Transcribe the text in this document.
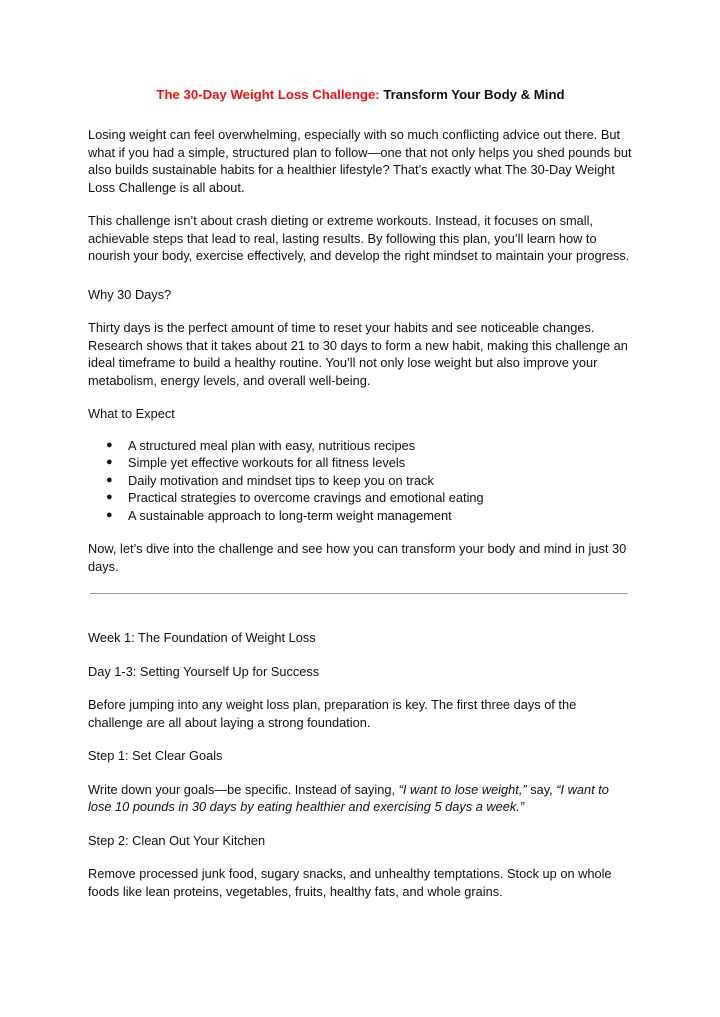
The 30-Day Weight Loss Challenge: Transform Your Body & Mind

Losing weight can feel overwhelming, especially with so much conflicting advice out there. But what if you had a simple, structured plan to follow—one that not only helps you shed pounds but also builds sustainable habits for a healthier lifestyle? That’s exactly what The 30-Day Weight Loss Challenge is all about.

This challenge isn’t about crash dieting or extreme workouts. Instead, it focuses on small, achievable steps that lead to real, lasting results. By following this plan, you’ll learn how to nourish your body, exercise effectively, and develop the right mindset to maintain your progress.

Why 30 Days?

Thirty days is the perfect amount of time to reset your habits and see noticeable changes. Research shows that it takes about 21 to 30 days to form a new habit, making this challenge an ideal timeframe to build a healthy routine. You’ll not only lose weight but also improve your metabolism, energy levels, and overall well-being.

What to Expect

● A structured meal plan with easy, nutritious recipes
● Simple yet effective workouts for all fitness levels
● Daily motivation and mindset tips to keep you on track
● Practical strategies to overcome cravings and emotional eating
● A sustainable approach to long-term weight management

Now, let’s dive into the challenge and see how you can transform your body and mind in just 30 days.

Week 1: The Foundation of Weight Loss

Day 1-3: Setting Yourself Up for Success

Before jumping into any weight loss plan, preparation is key. The first three days of the challenge are all about laying a strong foundation.

Step 1: Set Clear Goals

Write down your goals—be specific. Instead of saying, “I want to lose weight,” say, “I want to lose 10 pounds in 30 days by eating healthier and exercising 5 days a week.”

Step 2: Clean Out Your Kitchen

Remove processed junk food, sugary snacks, and unhealthy temptations. Stock up on whole foods like lean proteins, vegetables, fruits, healthy fats, and whole grains.
